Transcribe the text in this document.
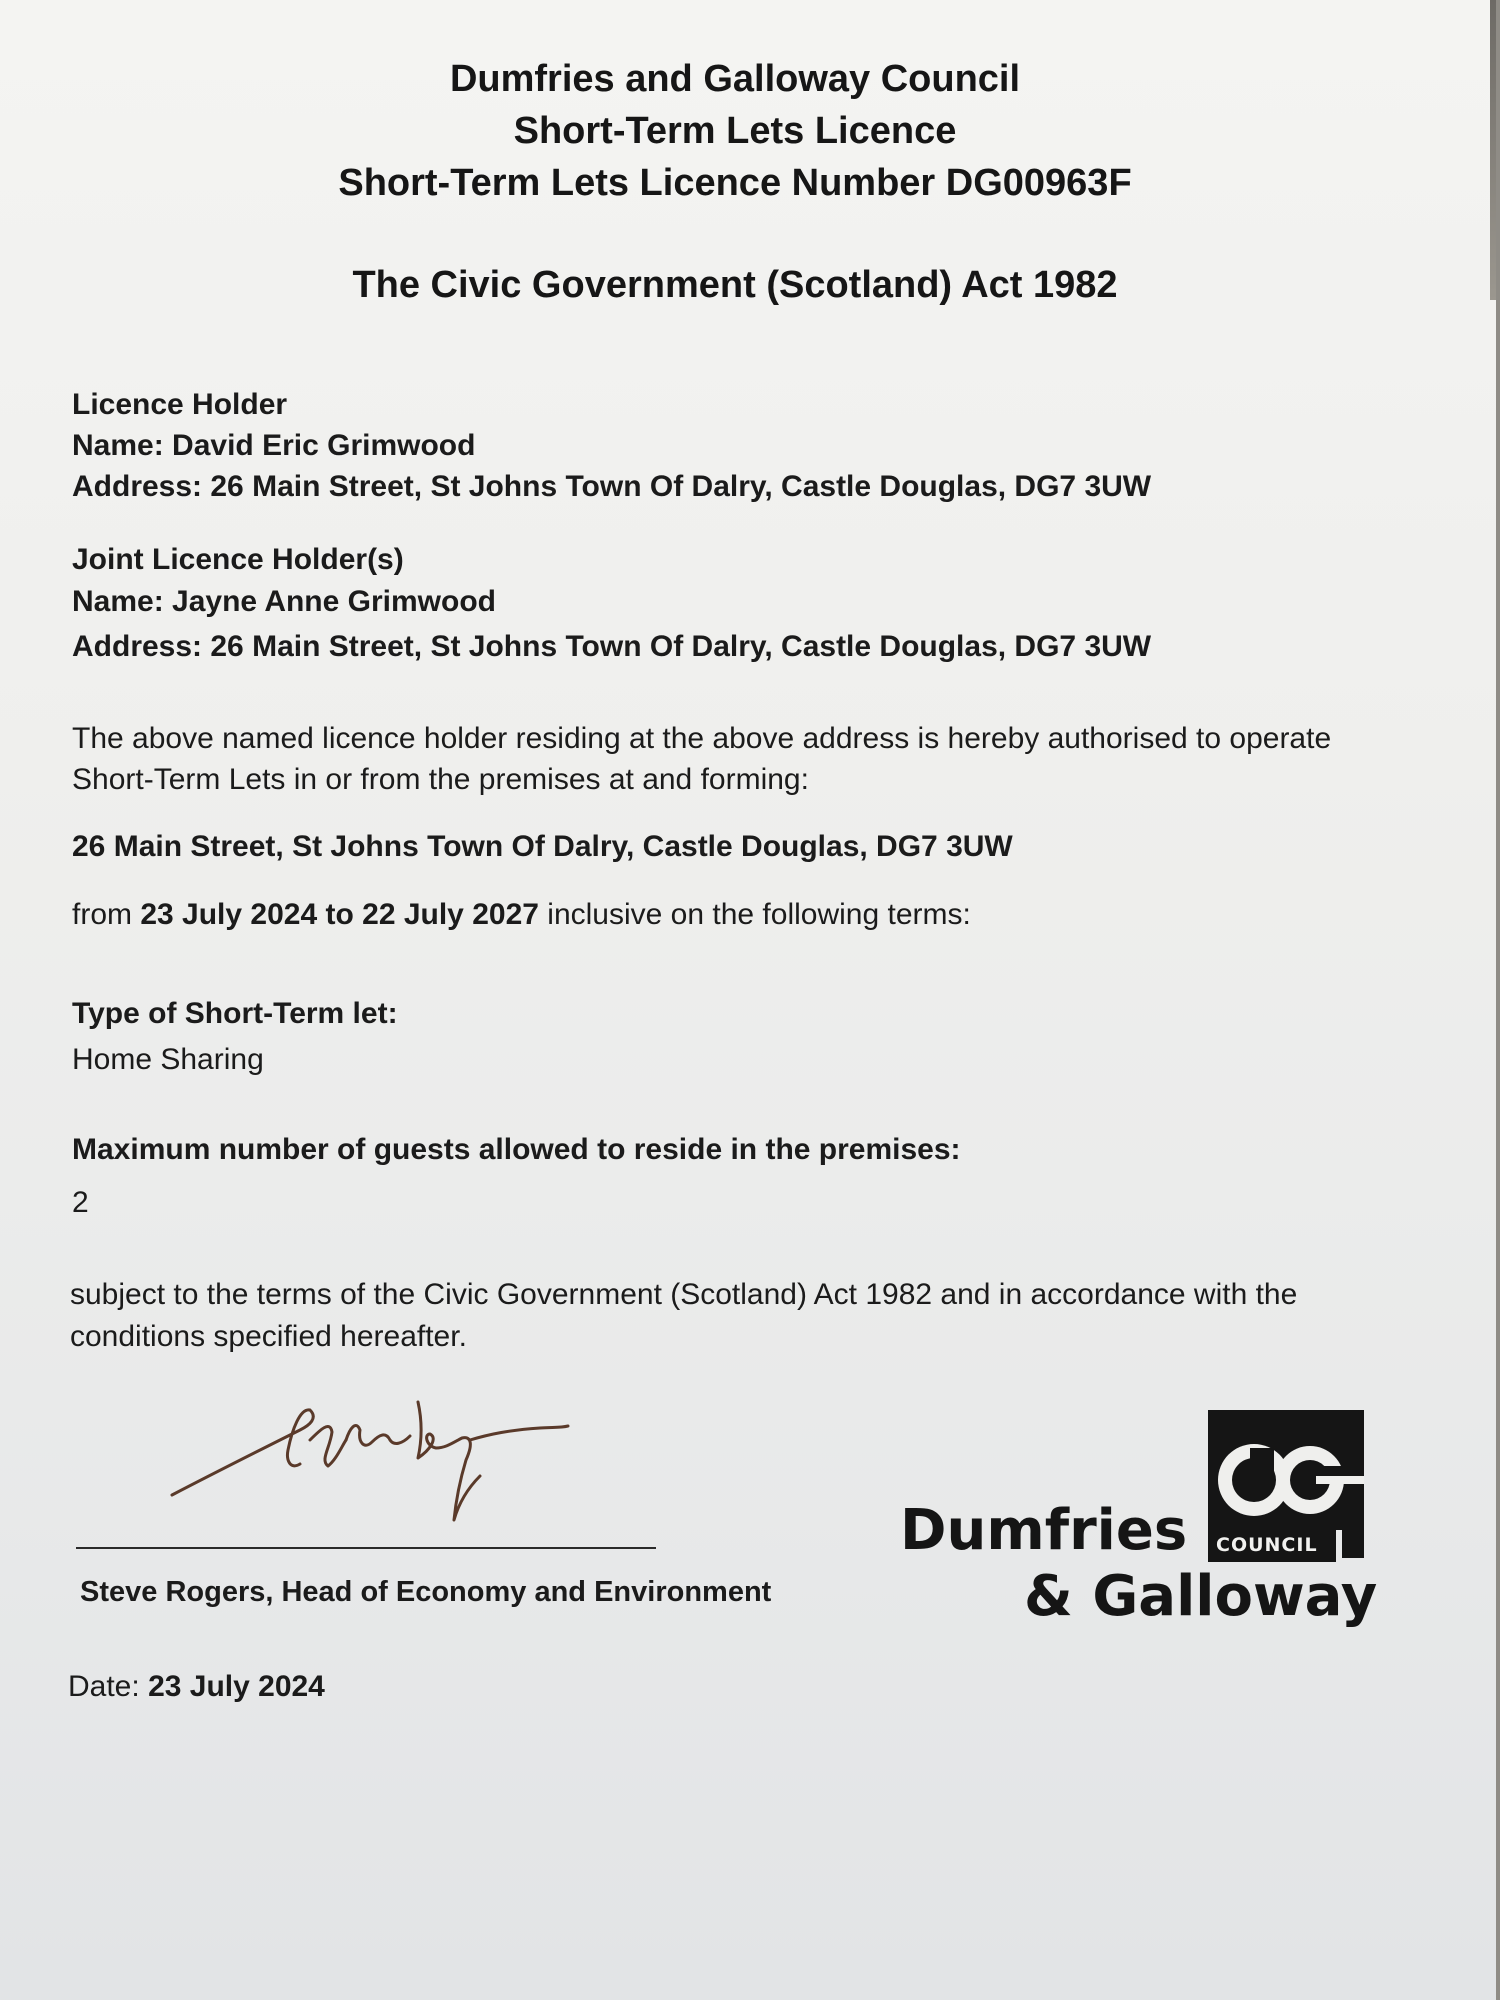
Dumfries and Galloway Council
Short-Term Lets Licence
Short-Term Lets Licence Number DG00963F
The Civic Government (Scotland) Act 1982
Licence Holder
Name: David Eric Grimwood
Address: 26 Main Street, St Johns Town Of Dalry, Castle Douglas, DG7 3UW
Joint Licence Holder(s)
Name: Jayne Anne Grimwood
Address: 26 Main Street, St Johns Town Of Dalry, Castle Douglas, DG7 3UW
The above named licence holder residing at the above address is hereby authorised to operate
Short-Term Lets in or from the premises at and forming:
26 Main Street, St Johns Town Of Dalry, Castle Douglas, DG7 3UW
from 23 July 2024 to 22 July 2027 inclusive on the following terms:
Type of Short-Term let:
Home Sharing
Maximum number of guests allowed to reside in the premises:
2
subject to the terms of the Civic Government (Scotland) Act 1982 and in accordance with the
conditions specified hereafter.
Steve Rogers, Head of Economy and Environment
Date: 23 July 2024
COUNCIL
Dumfries
& Galloway
